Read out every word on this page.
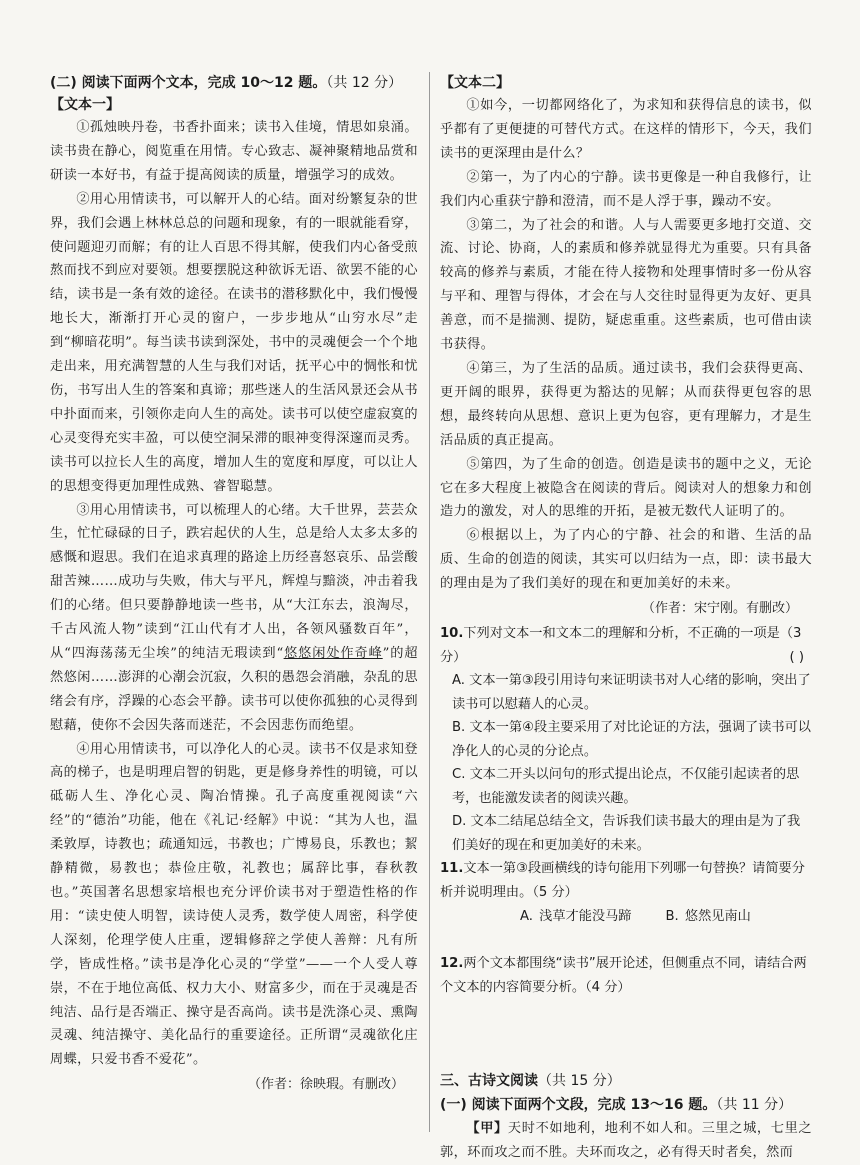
(二) 阅读下面两个文本，完成 10～12 题。（共 12 分）

【文本一】

①孤烛映丹卷，书香扑面来；读书入佳境，情思如泉涌。读书贵在静心，阅览重在用情。专心致志、凝神聚精地品赏和研读一本好书，有益于提高阅读的质量，增强学习的成效。

②用心用情读书，可以解开人的心结。面对纷繁复杂的世界，我们会遇上林林总总的问题和现象，有的一眼就能看穿，使问题迎刃而解；有的让人百思不得其解，使我们内心备受煎熬而找不到应对要领。想要摆脱这种欲诉无语、欲罢不能的心结，读书是一条有效的途径。在读书的潜移默化中，我们慢慢地长大，渐渐打开心灵的窗户，一步步地从“山穷水尽”走到“柳暗花明”。每当读书读到深处，书中的灵魂便会一个个地走出来，用充满智慧的人生与我们对话，抚平心中的惆怅和忧伤，书写出人生的答案和真谛；那些迷人的生活风景还会从书中扑面而来，引领你走向人生的高处。读书可以使空虚寂寞的心灵变得充实丰盈，可以使空洞呆滞的眼神变得深邃而灵秀。读书可以拉长人生的高度，增加人生的宽度和厚度，可以让人的思想变得更加理性成熟、睿智聪慧。

③用心用情读书，可以梳理人的心绪。大千世界，芸芸众生，忙忙碌碌的日子，跌宕起伏的人生，总是给人太多太多的感慨和遐思。我们在追求真理的路途上历经喜怒哀乐、品尝酸甜苦辣……成功与失败，伟大与平凡，辉煌与黯淡，冲击着我们的心绪。但只要静静地读一些书，从“大江东去，浪淘尽，千古风流人物”读到“江山代有才人出，各领风骚数百年”，从“四海荡荡无尘埃”的纯洁无瑕读到“悠悠闲处作奇峰”的超然悠闲……澎湃的心潮会沉寂，久积的愚怨会消融，杂乱的思绪会有序，浮躁的心态会平静。读书可以使你孤独的心灵得到慰藉，使你不会因失落而迷茫，不会因悲伤而绝望。

④用心用情读书，可以净化人的心灵。读书不仅是求知登高的梯子，也是明理启智的钥匙，更是修身养性的明镜，可以砥砺人生、净化心灵、陶冶情操。孔子高度重视阅读“六经”的“德治”功能，他在《礼记·经解》中说：“其为人也，温柔敦厚，诗教也；疏通知远，书教也；广博易良，乐教也；絜静精微，易教也；恭俭庄敬，礼教也；属辞比事，春秋教也。”英国著名思想家培根也充分评价读书对于塑造性格的作用：“读史使人明智，读诗使人灵秀，数学使人周密，科学使人深刻，伦理学使人庄重，逻辑修辞之学使人善辩：凡有所学，皆成性格。”读书是净化心灵的“学堂”——一个人受人尊崇，不在于地位高低、权力大小、财富多少，而在于灵魂是否纯洁、品行是否端正、操守是否高尚。读书是洗涤心灵、熏陶灵魂、纯洁操守、美化品行的重要途径。正所谓“灵魂欲化庄周蝶，只爱书香不爱花”。

（作者：徐映瑕。有删改）

【文本二】

①如今，一切都网络化了，为求知和获得信息的读书，似乎都有了更便捷的可替代方式。在这样的情形下，今天，我们读书的更深理由是什么？

②第一，为了内心的宁静。读书更像是一种自我修行，让我们内心重获宁静和澄清，而不是人浮于事，躁动不安。

③第二，为了社会的和谐。人与人需要更多地打交道、交流、讨论、协商，人的素质和修养就显得尤为重要。只有具备较高的修养与素质，才能在待人接物和处理事情时多一份从容与平和、理智与得体，才会在与人交往时显得更为友好、更具善意，而不是揣测、提防，疑虑重重。这些素质，也可借由读书获得。

④第三，为了生活的品质。通过读书，我们会获得更高、更开阔的眼界，获得更为豁达的见解；从而获得更包容的思想，最终转向从思想、意识上更为包容，更有理解力，才是生活品质的真正提高。

⑤第四，为了生命的创造。创造是读书的题中之义，无论它在多大程度上被隐含在阅读的背后。阅读对人的想象力和创造力的激发，对人的思维的开拓，是被无数代人证明了的。

⑥根据以上，为了内心的宁静、社会的和谐、生活的品质、生命的创造的阅读，其实可以归结为一点，即：读书最大的理由是为了我们美好的现在和更加美好的未来。

（作者：宋宁刚。有删改）

10.下列对文本一和文本二的理解和分析，不正确的一项是（3 分）	( )

A. 文本一第③段引用诗句来证明读书对人心绪的影响，突出了读书可以慰藉人的心灵。

B. 文本一第④段主要采用了对比论证的方法，强调了读书可以净化人的心灵的分论点。

C. 文本二开头以问句的形式提出论点，不仅能引起读者的思考，也能激发读者的阅读兴趣。

D. 文本二结尾总结全文，告诉我们读书最大的理由是为了我们美好的现在和更加美好的未来。

11.文本一第③段画横线的诗句能用下列哪一句替换？请简要分析并说明理由。（5 分）

A. 浅草才能没马蹄	B. 悠然见南山

12.两个文本都围绕“读书”展开论述，但侧重点不同，请结合两个文本的内容简要分析。（4 分）

三、古诗文阅读（共 15 分）

(一) 阅读下面两个文段，完成 13～16 题。（共 11 分）

【甲】天时不如地利，地利不如人和。三里之城，七里之郭，环而攻之而不胜。夫环而攻之，必有得天时者矣，然而
